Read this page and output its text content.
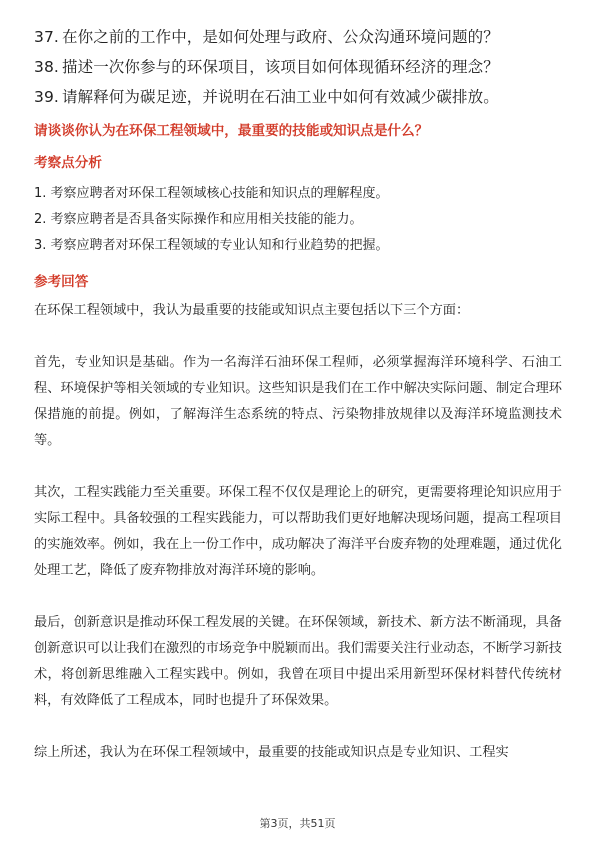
37. 在你之前的工作中，是如何处理与政府、公众沟通环境问题的？
38. 描述一次你参与的环保项目，该项目如何体现循环经济的理念？
39. 请解释何为碳足迹，并说明在石油工业中如何有效减少碳排放。
请谈谈你认为在环保工程领域中，最重要的技能或知识点是什么？
考察点分析
1. 考察应聘者对环保工程领域核心技能和知识点的理解程度。
2. 考察应聘者是否具备实际操作和应用相关技能的能力。
3. 考察应聘者对环保工程领域的专业认知和行业趋势的把握。
参考回答

在环保工程领域中，我认为最重要的技能或知识点主要包括以下三个方面：

首先，专业知识是基础。作为一名海洋石油环保工程师，必须掌握海洋环境科学、石油工程、环境保护等相关领域的专业知识。这些知识是我们在工作中解决实际问题、制定合理环保措施的前提。例如，了解海洋生态系统的特点、污染物排放规律以及海洋环境监测技术等。

其次，工程实践能力至关重要。环保工程不仅仅是理论上的研究，更需要将理论知识应用于实际工程中。具备较强的工程实践能力，可以帮助我们更好地解决现场问题，提高工程项目的实施效率。例如，我在上一份工作中，成功解决了海洋平台废弃物的处理难题，通过优化处理工艺，降低了废弃物排放对海洋环境的影响。

最后，创新意识是推动环保工程发展的关键。在环保领域，新技术、新方法不断涌现，具备创新意识可以让我们在激烈的市场竞争中脱颖而出。我们需要关注行业动态，不断学习新技术，将创新思维融入工程实践中。例如，我曾在项目中提出采用新型环保材料替代传统材料，有效降低了工程成本，同时也提升了环保效果。

综上所述，我认为在环保工程领域中，最重要的技能或知识点是专业知识、工程实

第3页，共51页
